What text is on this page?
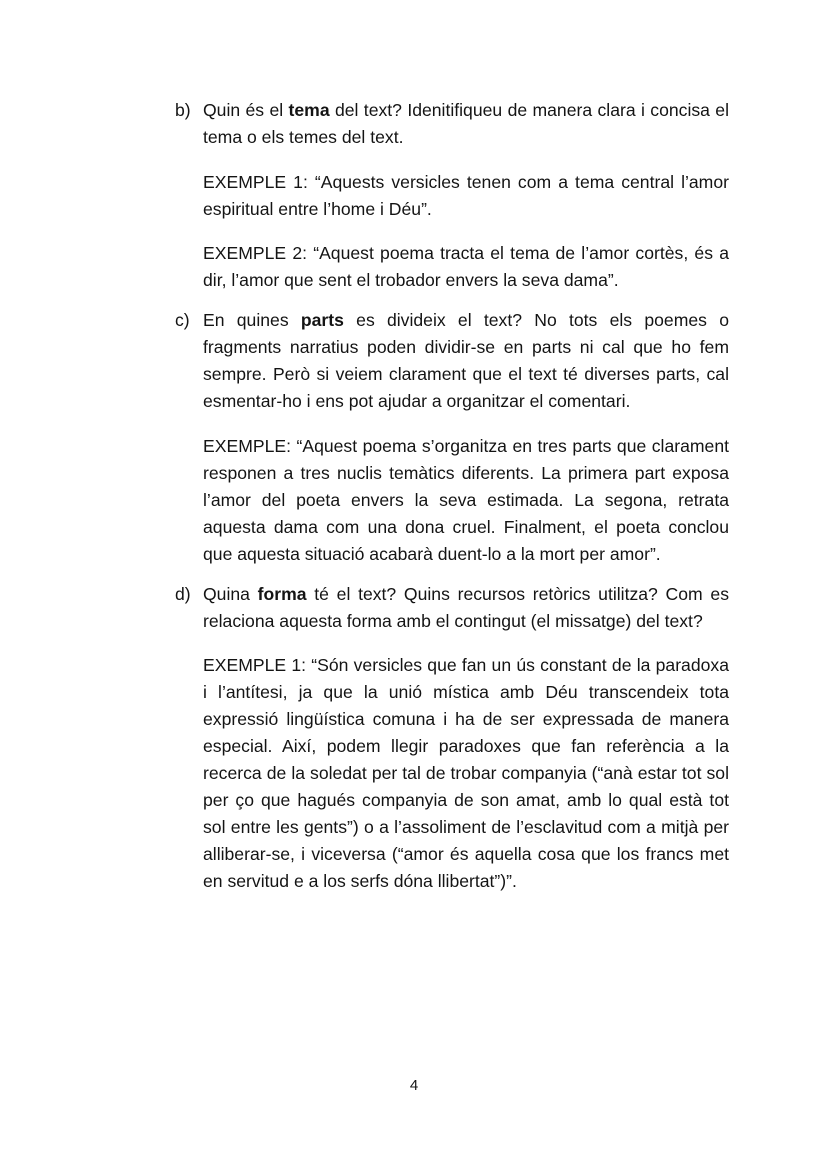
b) Quin és el tema del text? Idenitifiqueu de manera clara i concisa el tema o els temes del text.

EXEMPLE 1: “Aquests versicles tenen com a tema central l’amor espiritual entre l’home i Déu”.

EXEMPLE 2: “Aquest poema tracta el tema de l’amor cortès, és a dir, l’amor que sent el trobador envers la seva dama”.

c) En quines parts es divideix el text? No tots els poemes o fragments narratius poden dividir-se en parts ni cal que ho fem sempre. Però si veiem clarament que el text té diverses parts, cal esmentar-ho i ens pot ajudar a organitzar el comentari.

EXEMPLE: “Aquest poema s’organitza en tres parts que clarament responen a tres nuclis temàtics diferents. La primera part exposa l’amor del poeta envers la seva estimada. La segona, retrata aquesta dama com una dona cruel. Finalment, el poeta conclou que aquesta situació acabarà duent-lo a la mort per amor”.

d) Quina forma té el text? Quins recursos retòrics utilitza? Com es relaciona aquesta forma amb el contingut (el missatge) del text?

EXEMPLE 1: “Són versicles que fan un ús constant de la paradoxa i l’antítesi, ja que la unió mística amb Déu transcendeix tota expressió lingüística comuna i ha de ser expressada de manera especial. Així, podem llegir paradoxes que fan referència a la recerca de la soledat per tal de trobar companyia (“anà estar tot sol per ço que hagués companyia de son amat, amb lo qual està tot sol entre les gents”) o a l’assoliment de l’esclavitud com a mitjà per alliberar-se, i viceversa (“amor és aquella cosa que los francs met en servitud e a los serfs dóna llibertat”)”.

4
